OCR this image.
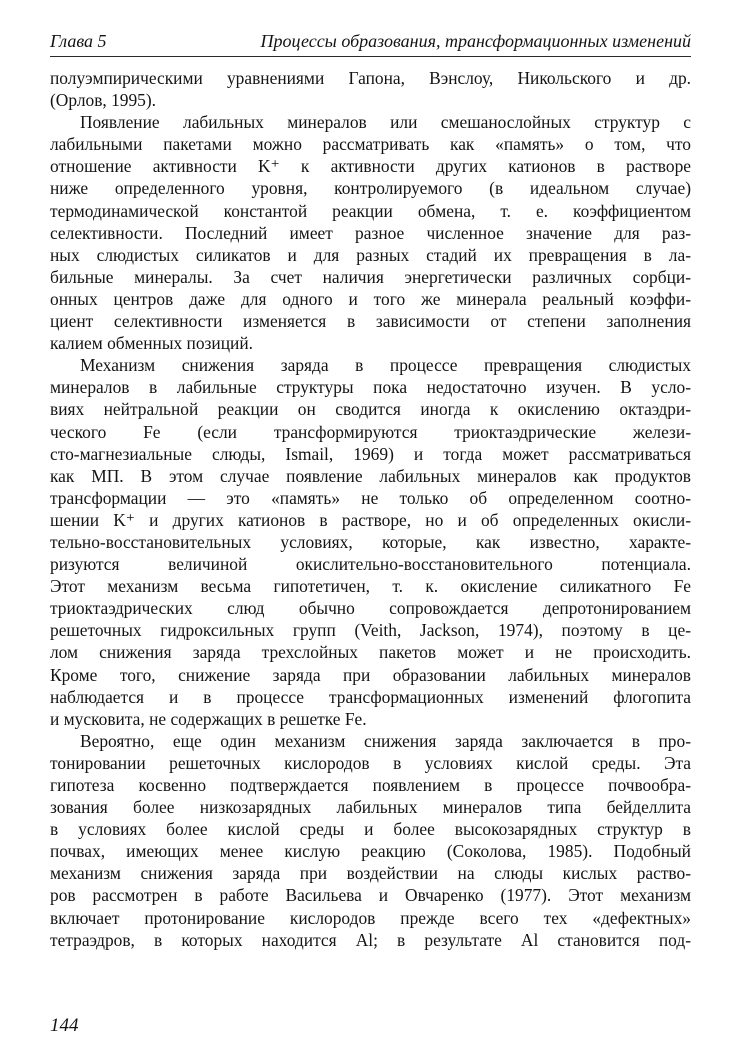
Глава 5	Процессы образования, трансформационных изменений

полуэмпирическими уравнениями Гапона, Вэнслоу, Никольского и др.
(Орлов, 1995).

Появление лабильных минералов или смешанослойных структур с
лабильными пакетами можно рассматривать как «память» о том, что
отношение активности K⁺ к активности других катионов в растворе
ниже определенного уровня, контролируемого (в идеальном случае)
термодинамической константой реакции обмена, т. е. коэффициентом
селективности. Последний имеет разное численное значение для раз-
ных слюдистых силикатов и для разных стадий их превращения в ла-
бильные минералы. За счет наличия энергетически различных сорбци-
онных центров даже для одного и того же минерала реальный коэффи-
циент селективности изменяется в зависимости от степени заполнения
калием обменных позиций.

Механизм снижения заряда в процессе превращения слюдистых
минералов в лабильные структуры пока недостаточно изучен. В усло-
виях нейтральной реакции он сводится иногда к окислению октаэдри-
ческого Fe (если трансформируются триоктаэдрические желези-
сто-магнезиальные слюды, Ismail, 1969) и тогда может рассматриваться
как МП. В этом случае появление лабильных минералов как продуктов
трансформации — это «память» не только об определенном соотно-
шении K⁺ и других катионов в растворе, но и об определенных окисли-
тельно-восстановительных условиях, которые, как известно, характе-
ризуются величиной окислительно-восстановительного потенциала.
Этот механизм весьма гипотетичен, т. к. окисление силикатного Fe
триоктаэдрических слюд обычно сопровождается депротонированием
решеточных гидроксильных групп (Veith, Jackson, 1974), поэтому в це-
лом снижения заряда трехслойных пакетов может и не происходить.
Кроме того, снижение заряда при образовании лабильных минералов
наблюдается и в процессе трансформационных изменений флогопита
и мусковита, не содержащих в решетке Fe.

Вероятно, еще один механизм снижения заряда заключается в про-
тонировании решеточных кислородов в условиях кислой среды. Эта
гипотеза косвенно подтверждается появлением в процессе почвообра-
зования более низкозарядных лабильных минералов типа бейделлита
в условиях более кислой среды и более высокозарядных структур в
почвах, имеющих менее кислую реакцию (Соколова, 1985). Подобный
механизм снижения заряда при воздействии на слюды кислых раство-
ров рассмотрен в работе Васильева и Овчаренко (1977). Этот механизм
включает протонирование кислородов прежде всего тех «дефектных»
тетраэдров, в которых находится Al; в результате Al становится под-

144
